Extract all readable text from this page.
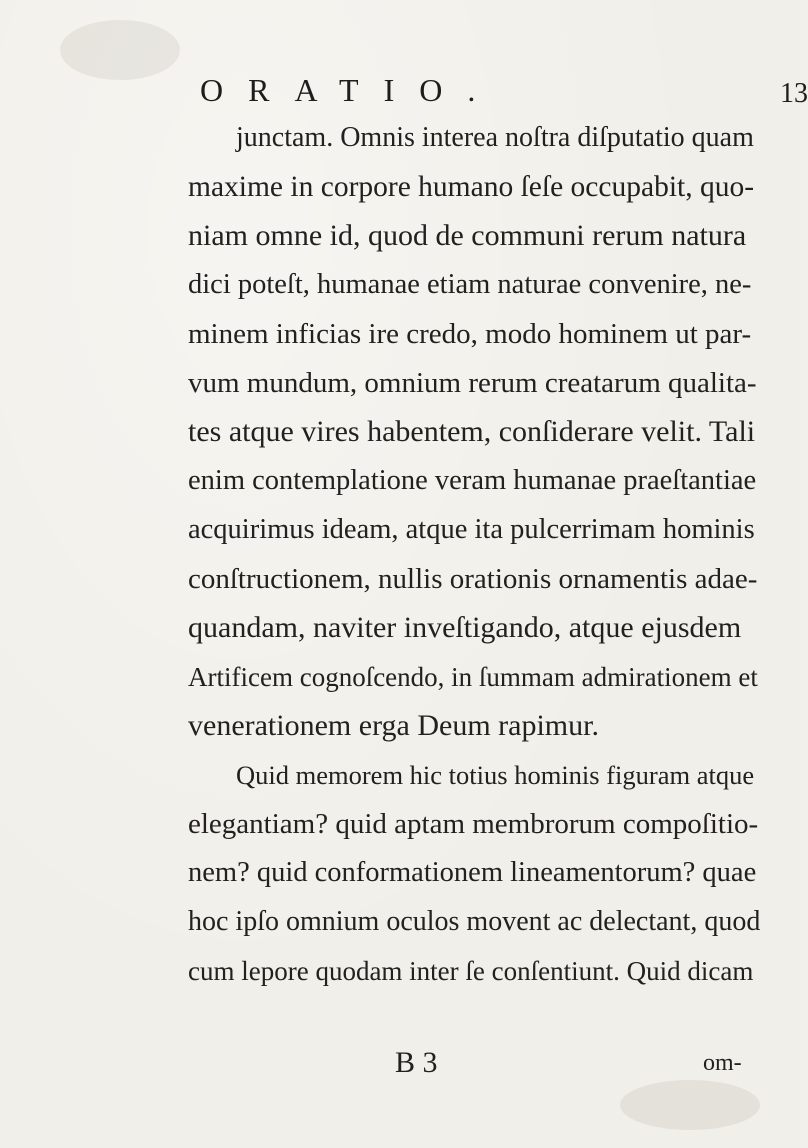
ORATIO.	13
junctam. Omnis interea noſtra diſputatio quam
maxime in corpore humano ſeſe occupabit, quo-
niam omne id, quod de communi rerum natura
dici poteſt, humanae etiam naturae convenire, ne-
minem inficias ire credo, modo hominem ut par-
vum mundum, omnium rerum creatarum qualita-
tes atque vires habentem, conſiderare velit. Tali
enim contemplatione veram humanae praeſtantiae
acquirimus ideam, atque ita pulcerrimam hominis
conſtructionem, nullis orationis ornamentis adae-
quandam, naviter inveſtigando, atque ejusdem
Artificem cognoſcendo, in ſummam admirationem et
venerationem erga Deum rapimur.
Quid memorem hic totius hominis figuram atque
elegantiam? quid aptam membrorum compoſitio-
nem? quid conformationem lineamentorum? quae
hoc ipſo omnium oculos movent ac delectant, quod
cum lepore quodam inter ſe conſentiunt. Quid dicam
B 3	om-
